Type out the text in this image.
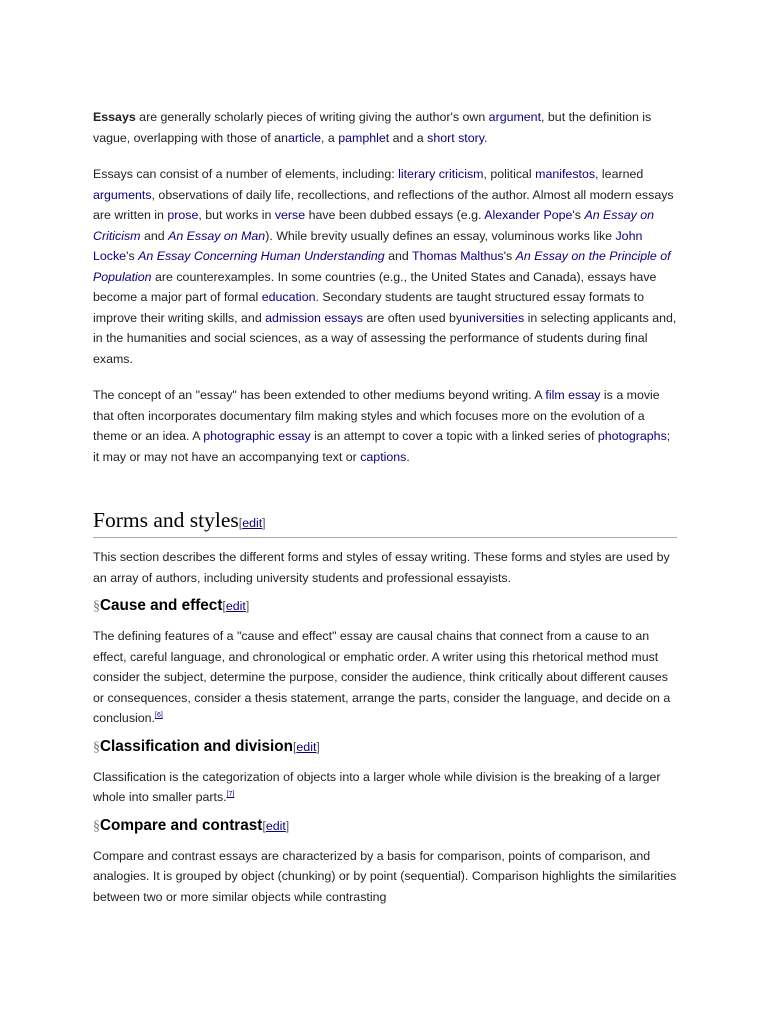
Essays are generally scholarly pieces of writing giving the author's own argument, but the definition is vague, overlapping with those of anarticle, a pamphlet and a short story.

Essays can consist of a number of elements, including: literary criticism, political manifestos, learned arguments, observations of daily life, recollections, and reflections of the author. Almost all modern essays are written in prose, but works in verse have been dubbed essays (e.g. Alexander Pope's An Essay on Criticism and An Essay on Man). While brevity usually defines an essay, voluminous works like John Locke's An Essay Concerning Human Understanding and Thomas Malthus's An Essay on the Principle of Population are counterexamples. In some countries (e.g., the United States and Canada), essays have become a major part of formal education. Secondary students are taught structured essay formats to improve their writing skills, and admission essays are often used byuniversities in selecting applicants and, in the humanities and social sciences, as a way of assessing the performance of students during final exams.

The concept of an "essay" has been extended to other mediums beyond writing. A film essay is a movie that often incorporates documentary film making styles and which focuses more on the evolution of a theme or an idea. A photographic essay is an attempt to cover a topic with a linked series of photographs; it may or may not have an accompanying text or captions.

Forms and styles[edit]

This section describes the different forms and styles of essay writing. These forms and styles are used by an array of authors, including university students and professional essayists.

§Cause and effect[edit]

The defining features of a "cause and effect" essay are causal chains that connect from a cause to an effect, careful language, and chronological or emphatic order. A writer using this rhetorical method must consider the subject, determine the purpose, consider the audience, think critically about different causes or consequences, consider a thesis statement, arrange the parts, consider the language, and decide on a conclusion.[6]

§Classification and division[edit]

Classification is the categorization of objects into a larger whole while division is the breaking of a larger whole into smaller parts.[7]

§Compare and contrast[edit]

Compare and contrast essays are characterized by a basis for comparison, points of comparison, and analogies. It is grouped by object (chunking) or by point (sequential). Comparison highlights the similarities between two or more similar objects while contrasting
